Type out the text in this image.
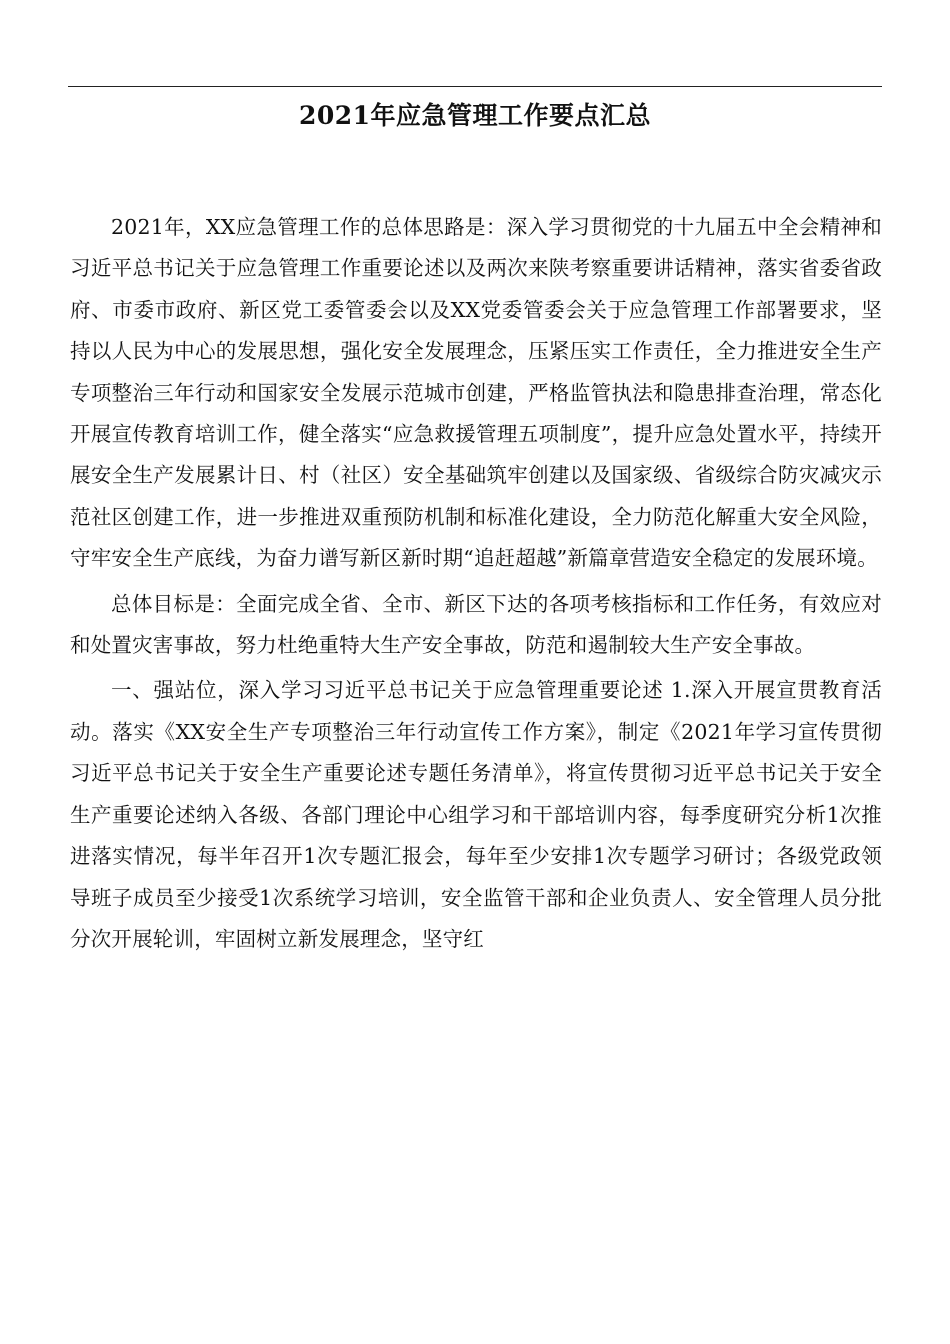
2021年应急管理工作要点汇总

2021年，XX应急管理工作的总体思路是：深入学习贯彻党的十九届五中全会精神和习近平总书记关于应急管理工作重要论述以及两次来陕考察重要讲话精神，落实省委省政府、市委市政府、新区党工委管委会以及XX党委管委会关于应急管理工作部署要求，坚持以人民为中心的发展思想，强化安全发展理念，压紧压实工作责任，全力推进安全生产专项整治三年行动和国家安全发展示范城市创建，严格监管执法和隐患排查治理，常态化开展宣传教育培训工作，健全落实“应急救援管理五项制度”，提升应急处置水平，持续开展安全生产发展累计日、村（社区）安全基础筑牢创建以及国家级、省级综合防灾减灾示范社区创建工作，进一步推进双重预防机制和标准化建设，全力防范化解重大安全风险，守牢安全生产底线，为奋力谱写新区新时期“追赶超越”新篇章营造安全稳定的发展环境。

总体目标是：全面完成全省、全市、新区下达的各项考核指标和工作任务，有效应对和处置灾害事故，努力杜绝重特大生产安全事故，防范和遏制较大生产安全事故。

一、强站位，深入学习习近平总书记关于应急管理重要论述 1.深入开展宣贯教育活动。落实《XX安全生产专项整治三年行动宣传工作方案》，制定《2021年学习宣传贯彻习近平总书记关于安全生产重要论述专题任务清单》，将宣传贯彻习近平总书记关于安全生产重要论述纳入各级、各部门理论中心组学习和干部培训内容，每季度研究分析1次推进落实情况，每半年召开1次专题汇报会，每年至少安排1次专题学习研讨；各级党政领导班子成员至少接受1次系统学习培训，安全监管干部和企业负责人、安全管理人员分批分次开展轮训，牢固树立新发展理念，坚守红
